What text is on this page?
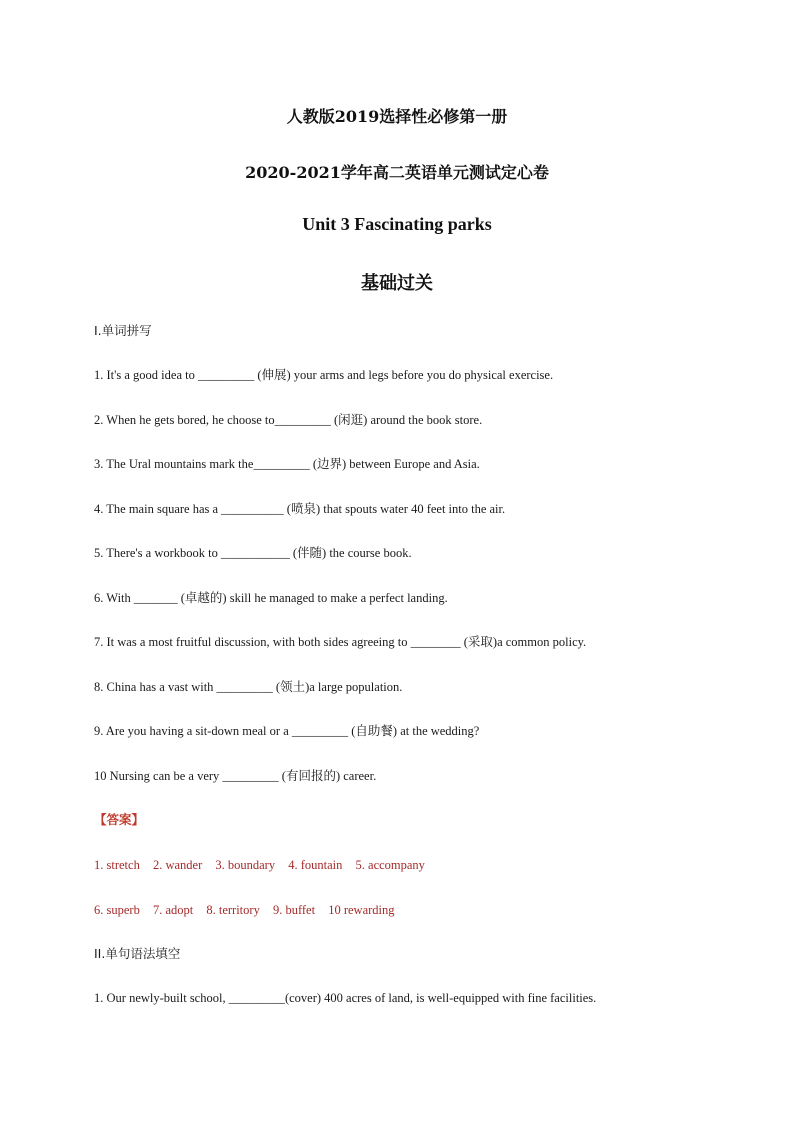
人教版2019选择性必修第一册
2020-2021学年高二英语单元测试定心卷
Unit 3 Fascinating parks
基础过关
I.单词拼写
1. It's a good idea to _________ (伸展) your arms and legs before you do physical exercise.
2. When he gets bored, he choose to_________ (闲逛) around the book store.
3. The Ural mountains mark the_________ (边界) between Europe and Asia.
4. The main square has a __________ (喷泉) that spouts water 40 feet into the air.
5. There's a workbook to ___________ (伴随) the course book.
6. With _______ (卓越的) skill he managed to make a perfect landing.
7. It was a most fruitful discussion, with both sides agreeing to ________ (采取)a common policy.
8. China has a vast with _________ (领土)a large population.
9. Are you having a sit-down meal or a _________ (自助餐) at the wedding?
10 Nursing can be a very _________ (有回报的) career.
【答案】
1. stretch 2. wander 3. boundary 4. fountain 5. accompany
6. superb 7. adopt 8. territory 9. buffet 10 rewarding
II.单句语法填空
1. Our newly-built school, _________(cover) 400 acres of land, is well-equipped with fine facilities.
